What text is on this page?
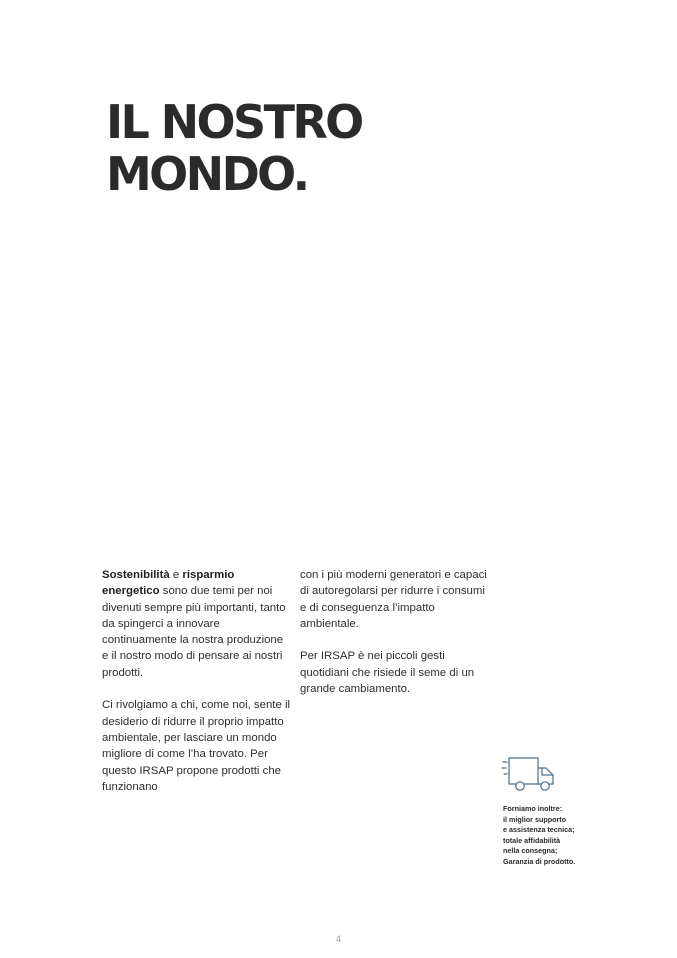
IL NOSTRO
MONDO.

Sostenibilità e risparmio energetico sono due temi per noi divenuti sempre più importanti, tanto da spingerci a innovare continuamente la nostra produzione e il nostro modo di pensare ai nostri prodotti.

Ci rivolgiamo a chi, come noi, sente il desiderio di ridurre il proprio impatto ambientale, per lasciare un mondo migliore di come l’ha trovato. Per questo IRSAP propone prodotti che funzionano

con i più moderni generatori e capaci di autoregolarsi per ridurre i consumi e di conseguenza l’impatto ambientale.

Per IRSAP è nei piccoli gesti quotidiani che risiede il seme di un grande cambiamento.

Forniamo inoltre:
il miglior supporto
e assistenza tecnica;
totale affidabilità
nella consegna;
Garanzia di prodotto.

4
